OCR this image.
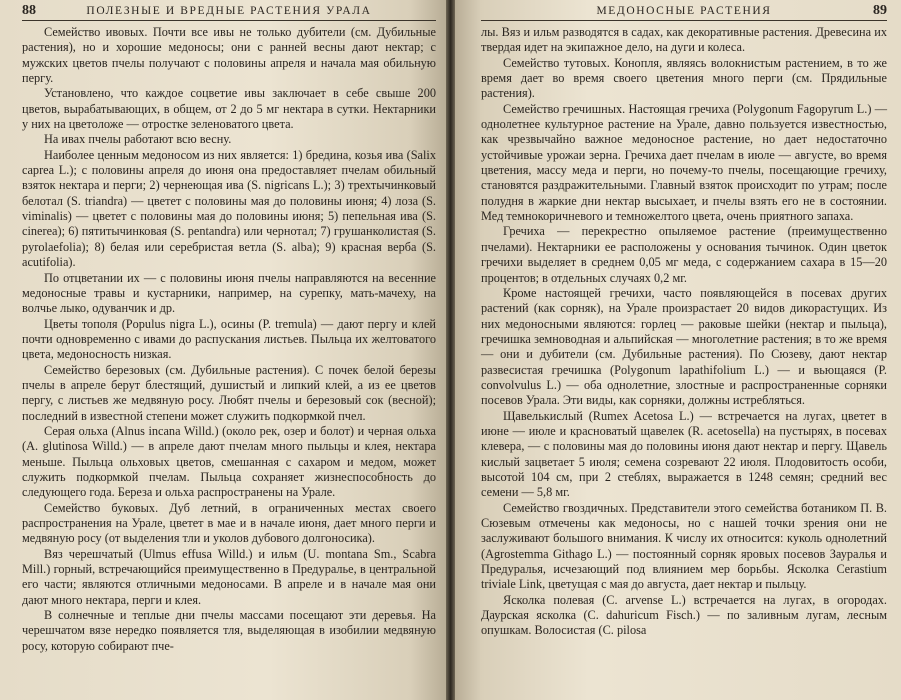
88	ПОЛЕЗНЫЕ И ВРЕДНЫЕ РАСТЕНИЯ УРАЛА

Семейство ивовых. Почти все ивы не только дубители (см. Дубильные растения), но и хорошие медоносы; они с ранней весны дают нектар; с мужских цветов пчелы получают с половины апреля и начала мая обильную пергу.

Установлено, что каждое соцветие ивы заключает в себе свыше 200 цветов, вырабатывающих, в общем, от 2 до 5 мг нектара в сутки. Нектарники у них на цветоложе — отростке зеленоватого цвета.

На ивах пчелы работают всю весну.

Наиболее ценным медоносом из них является: 1) бредина, козья ива (Salix caprea L.); с половины апреля до июня она предоставляет пчелам обильный взяток нектара и перги; 2) чернеющая ива (S. nigricans L.); 3) трехтычинковый белотал (S. triandra) — цветет с половины мая до половины июня; 4) лоза (S. viminalis) — цветет с половины мая до половины июня; 5) пепельная ива (S. cinerea); 6) пятитычинковая (S. pentandra) или чернотал; 7) грушанколистая (S. pyrolaefolia); 8) белая или серебристая ветла (S. alba); 9) красная верба (S. acutifolia).

По отцветании их — с половины июня пчелы направляются на весенние медоносные травы и кустарники, например, на сурепку, мать-мачеху, на волчье лыко, одуванчик и др.

Цветы тополя (Populus nigra L.), осины (P. tremula) — дают пергу и клей почти одновременно с ивами до распускания листьев. Пыльца их желтоватого цвета, медоносность низкая.

Семейство березовых (см. Дубильные растения). С почек белой березы пчелы в апреле берут блестящий, душистый и липкий клей, а из ее цветов пергу, с листьев же медвяную росу. Любят пчелы и березовый сок (весной); последний в известной степени может служить подкормкой пчел.

Серая ольха (Alnus incana Willd.) (около рек, озер и болот) и черная ольха (A. glutinosa Willd.) — в апреле дают пчелам много пыльцы и клея, нектара меньше. Пыльца ольховых цветов, смешанная с сахаром и медом, может служить подкормкой пчелам. Пыльца сохраняет жизнеспособность до следующего года. Береза и ольха распространены на Урале.

Семейство буковых. Дуб летний, в ограниченных местах своего распространения на Урале, цветет в мае и в начале июня, дает много перги и медвяную росу (от выделения тли и уколов дубового долгоносика).

Вяз черешчатый (Ulmus effusa Willd.) и ильм (U. montana Sm., Scabra Mill.) горный, встречающийся преимущественно в Предуралье, в центральной его части; являются отличными медоносами. В апреле и в начале мая они дают много нектара, перги и клея.

В солнечные и теплые дни пчелы массами посещают эти деревья. На черешчатом вязе нередко появляется тля, выделяющая в изобилии медвяную росу, которую собирают пче-

МЕДОНОСНЫЕ РАСТЕНИЯ	89

лы. Вяз и ильм разводятся в садах, как декоративные растения. Древесина их твердая идет на экипажное дело, на дуги и колеса.

Семейство тутовых. Конопля, являясь волокнистым растением, в то же время дает во время своего цветения много перги (см. Прядильные растения).

Семейство гречишных. Настоящая гречиха (Polygonum Fagopyrum L.) — однолетнее культурное растение на Урале, давно пользуется известностью, как чрезвычайно важное медоносное растение, но дает недостаточно устойчивые урожаи зерна. Гречиха дает пчелам в июле — августе, во время цветения, массу меда и перги, но почему-то пчелы, посещающие гречиху, становятся раздражительными. Главный взяток происходит по утрам; после полудня в жаркие дни нектар высыхает, и пчелы взять его не в состоянии. Мед темнокоричневого и темножелтого цвета, очень приятного запаха.

Гречиха — перекрестно опыляемое растение (преимущественно пчелами). Нектарники ее расположены у основания тычинок. Один цветок гречихи выделяет в среднем 0,05 мг меда, с содержанием сахара в 15—20 процентов; в отдельных случаях 0,2 мг.

Кроме настоящей гречихи, часто появляющейся в посевах других растений (как сорняк), на Урале произрастает 20 видов дикорастущих. Из них медоносными являются: горлец — раковые шейки (нектар и пыльца), гречишка земноводная и альпийская — многолетние растения; в то же время — они и дубители (см. Дубильные растения). По Сюзеву, дают нектар развесистая гречишка (Polygonum lapathifolium L.) — и вьющаяся (P. convolvulus L.) — оба однолетние, злостные и распространенные сорняки посевов Урала. Эти виды, как сорняки, должны истребляться.

Щавелькислый (Rumex Acetosa L.) — встречается на лугах, цветет в июне — июле и красноватый щавелек (R. acetosella) на пустырях, в посевах клевера, — с половины мая до половины июня дают нектар и пергу. Щавель кислый зацветает 5 июля; семена созревают 22 июля. Плодовитость особи, высотой 104 см, при 2 стеблях, выражается в 1248 семян; средний вес семени — 5,8 мг.

Семейство гвоздичных. Представители этого семейства ботаником П. В. Сюзевым отмечены как медоносы, но с нашей точки зрения они не заслуживают большого внимания. К числу их относится: куколь однолетний (Agrostemma Githago L.) — постоянный сорняк яровых посевов Зауралья и Предуралья, исчезающий под влиянием мер борьбы. Ясколка Cerastium triviale Link, цветущая с мая до августа, дает нектар и пыльцу.

Ясколка полевая (C. arvense L.) встречается на лугах, в огородах. Даурская ясколка (C. dahuricum Fisch.) — по заливным лугам, лесным опушкам. Волосистая (C. pilosa
